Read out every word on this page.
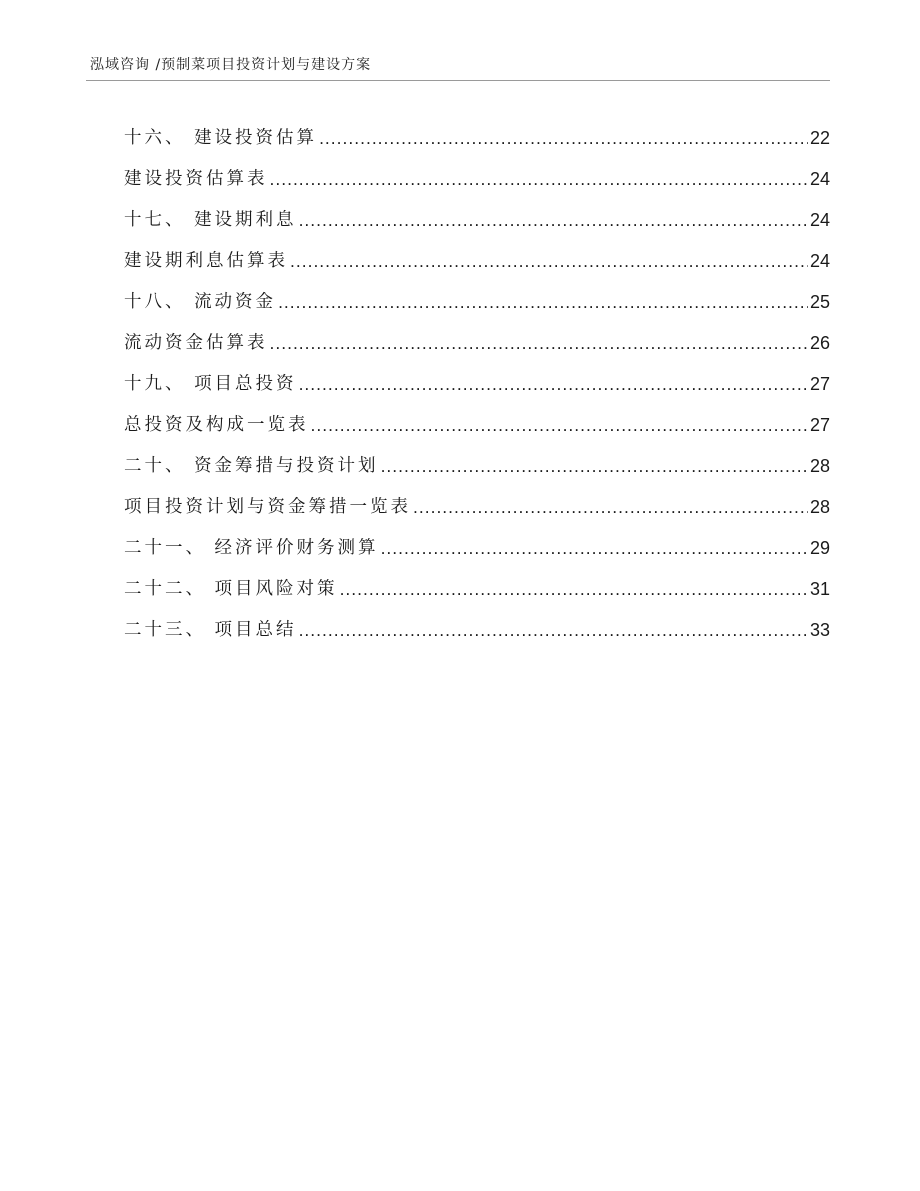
泓域咨询 /预制菜项目投资计划与建设方案
十六、 建设投资估算 .....	22
建设投资估算表 .....	24
十七、 建设期利息 .....	24
建设期利息估算表 .....	24
十八、 流动资金 .....	25
流动资金估算表 .....	26
十九、 项目总投资 .....	27
总投资及构成一览表 .....	27
二十、 资金筹措与投资计划 .....	28
项目投资计划与资金筹措一览表 .....	28
二十一、 经济评价财务测算 .....	29
二十二、 项目风险对策 .....	31
二十三、 项目总结 .....	33
